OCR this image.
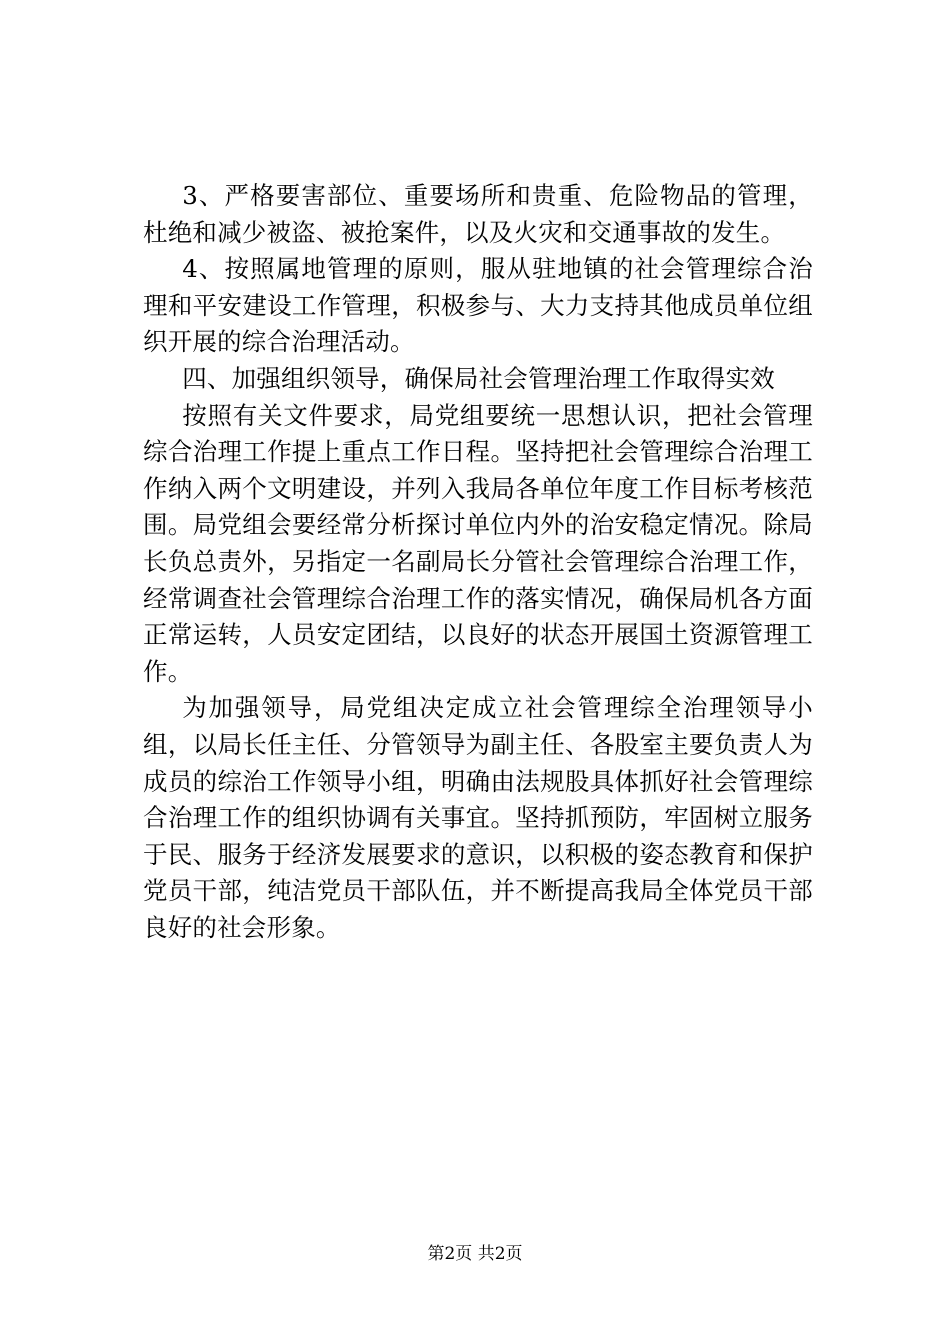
3、严格要害部位、重要场所和贵重、危险物品的管理，杜绝和减少被盗、被抢案件，以及火灾和交通事故的发生。

4、按照属地管理的原则，服从驻地镇的社会管理综合治理和平安建设工作管理，积极参与、大力支持其他成员单位组织开展的综合治理活动。

四、加强组织领导，确保局社会管理治理工作取得实效

按照有关文件要求，局党组要统一思想认识，把社会管理综合治理工作提上重点工作日程。坚持把社会管理综合治理工作纳入两个文明建设，并列入我局各单位年度工作目标考核范围。局党组会要经常分析探讨单位内外的治安稳定情况。除局长负总责外，另指定一名副局长分管社会管理综合治理工作，经常调查社会管理综合治理工作的落实情况，确保局机各方面正常运转，人员安定团结，以良好的状态开展国土资源管理工作。

为加强领导，局党组决定成立社会管理综全治理领导小组，以局长任主任、分管领导为副主任、各股室主要负责人为成员的综治工作领导小组，明确由法规股具体抓好社会管理综合治理工作的组织协调有关事宜。坚持抓预防，牢固树立服务于民、服务于经济发展要求的意识，以积极的姿态教育和保护党员干部，纯洁党员干部队伍，并不断提高我局全体党员干部良好的社会形象。

第2页 共2页
